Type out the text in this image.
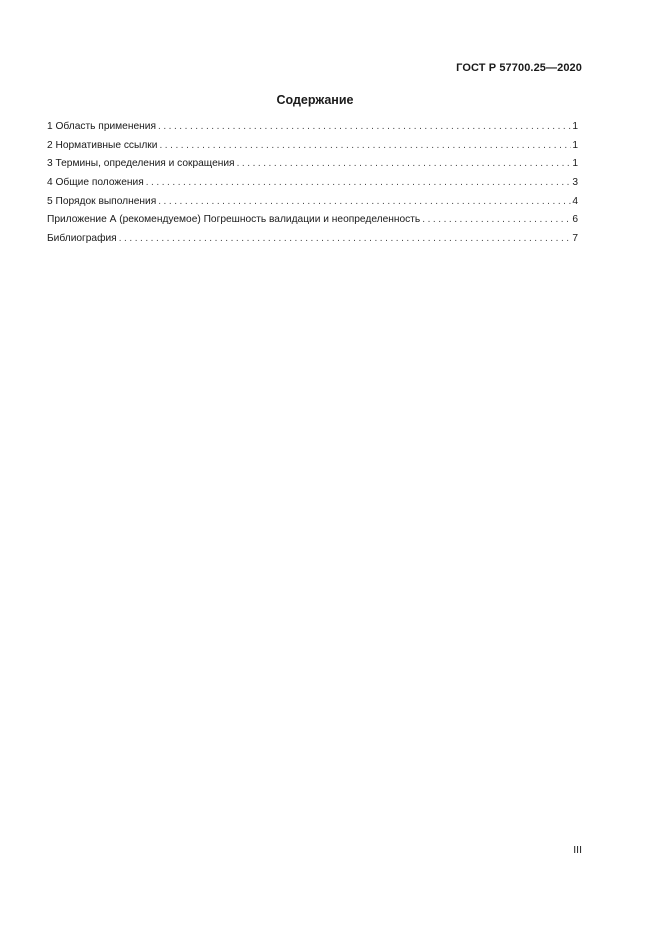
ГОСТ Р 57700.25—2020
Содержание
1 Область применения .....	1
2 Нормативные ссылки .....	1
3 Термины, определения и сокращения .....	1
4 Общие положения .....	3
5 Порядок выполнения .....	4
Приложение А (рекомендуемое) Погрешность валидации и неопределенность .....	6
Библиография .....	7
III
